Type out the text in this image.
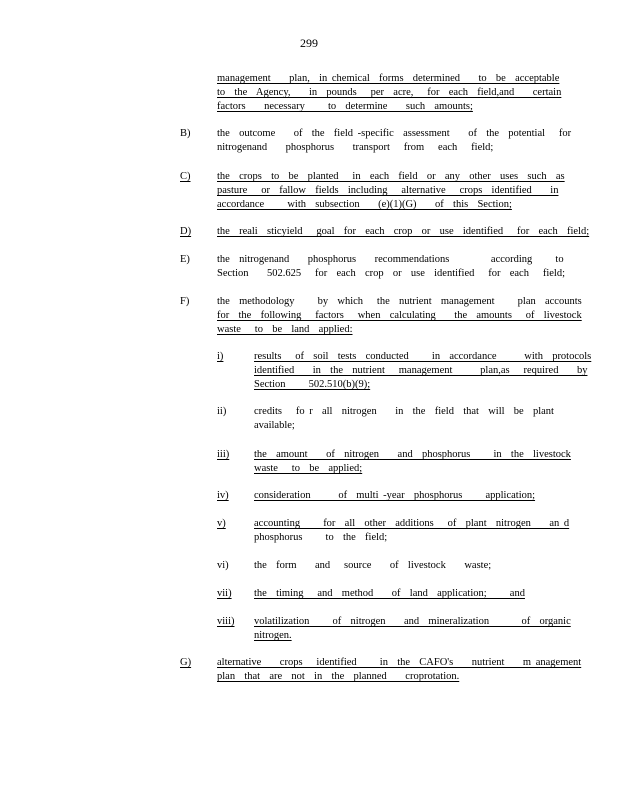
299
management    plan,  in chemical  forms  determined    to  be  acceptable
to  the  Agency,    in  pounds   per  acre,   for  each  field,and    certain
factors    necessary     to  determine    such  amounts;
B)	the  outcome    of  the  field -specific  assessment    of  the  potential   for
nitrogenand    phosphorus    transport   from   each   field;
C)	the  crops  to  be  planted   in  each  field  or  any  other  uses  such  as
pasture   or  fallow  fields  including   alternative   crops  identified    in
accordance     with  subsection    (e)(1)(G)    of  this  Section;
D) the  reali  sticyield   goal  for  each  crop  or  use  identified   for  each  field;
E)	the  nitrogenand    phosphorus    recommendations         according     to
Section    502.625   for  each  crop  or  use  identified   for  each   field;
F)	the  methodology     by  which   the  nutrient  management     plan  accounts
for  the  following   factors   when  calculating    the  amounts   of  livestock
waste   to  be  land  applied:
i)	results   of  soil  tests  conducted     in  accordance      with  protocols
identified    in  the  nutrient   management      plan,as   required    by
Section     502.510(b)(9);
ii)	credits   fo r  all  nitrogen    in  the  field  that  will  be  plant
available;
iii) the  amount    of  nitrogen    and  phosphorus     in  the  livestock
waste   to  be  applied;
iv) consideration      of  multi -year  phosphorus     application;
v)	accounting     for  all  other  additions   of  plant  nitrogen    an d
phosphorus     to  the  field;
vi) the  form    and   source    of  livestock    waste;
vii) the  timing   and  method    of  land  application;     and
viii) volatilization     of  nitrogen    and  mineralization       of  organic
nitrogen.
G) alternative    crops   identified     in  the  CAFO's    nutrient    m anagement
plan  that  are  not  in  the  planned    croprotation.
